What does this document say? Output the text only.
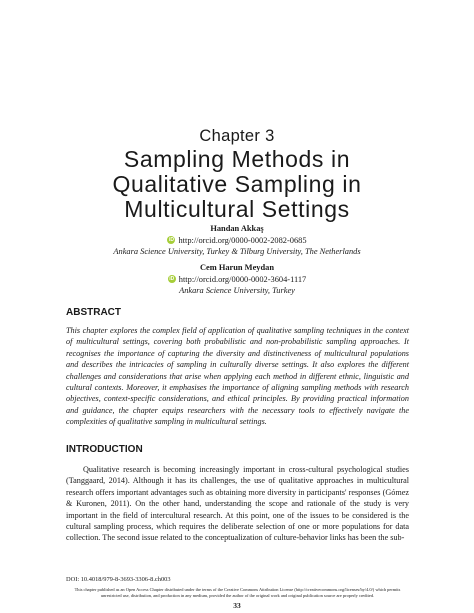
Chapter 3
Sampling Methods in
Qualitative Sampling in
Multicultural Settings
Handan Akkaş
iD http://orcid.org/0000-0002-2082-0685
Ankara Science University, Turkey & Tilburg University, The Netherlands
Cem Harun Meydan
iD http://orcid.org/0000-0002-3604-1117
Ankara Science University, Turkey
ABSTRACT
This chapter explores the complex field of application of qualitative sampling techniques in the context of multicultural settings, covering both probabilistic and non-probabilistic sampling approaches. It recognises the importance of capturing the diversity and distinctiveness of multicultural populations and describes the intricacies of sampling in culturally diverse settings. It also explores the different challenges and considerations that arise when applying each method in different ethnic, linguistic and cultural contexts. Moreover, it emphasises the importance of aligning sampling methods with research objectives, context-specific considerations, and ethical principles. By providing practical information and guidance, the chapter equips researchers with the necessary tools to effectively navigate the complexities of qualitative sampling in multicultural settings.
INTRODUCTION
Qualitative research is becoming increasingly important in cross-cultural psychological studies (Tanggaard, 2014). Although it has its challenges, the use of qualitative approaches in multicultural research offers important advantages such as obtaining more diversity in participants' responses (Gómez & Kuronen, 2011). On the other hand, understanding the scope and rationale of the study is very important in the field of intercultural research. At this point, one of the issues to be considered is the cultural sampling process, which requires the deliberate selection of one or more populations for data collection. The second issue related to the conceptualization of culture-behavior links has been the sub-
DOI: 10.4018/979-8-3693-3306-8.ch003
This chapter published as an Open Access Chapter distributed under the terms of the Creative Commons Attribution License (http://creativecommons.org/licenses/by/4.0/) which permits unrestricted use, distribution, and production in any medium, provided the author of the original work and original publication source are properly credited.
33
